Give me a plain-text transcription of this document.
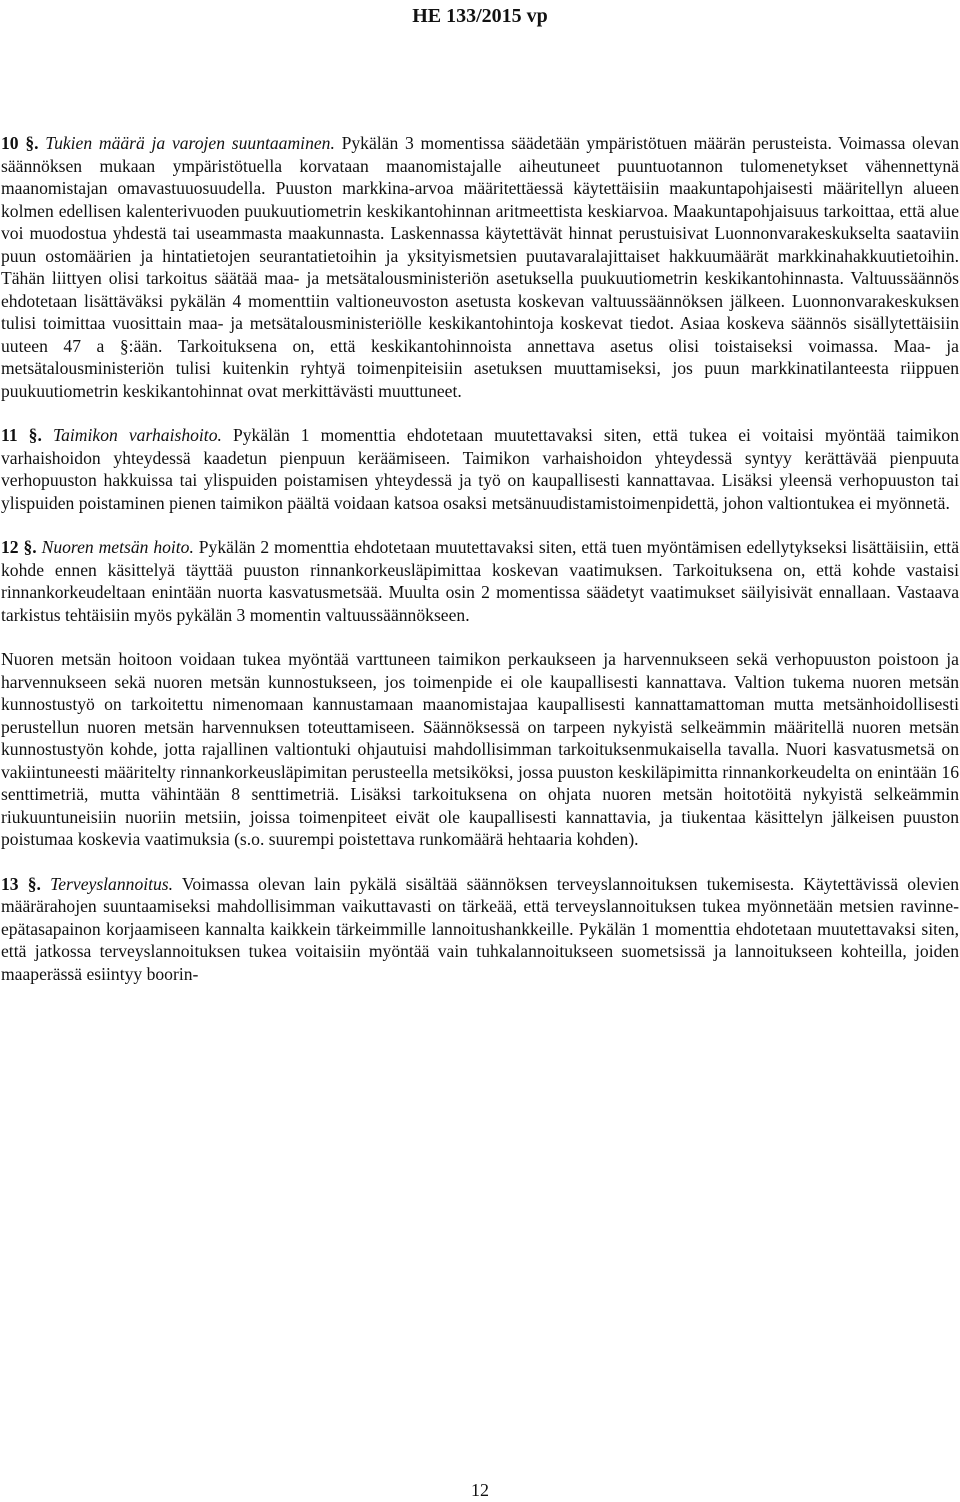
HE 133/2015 vp

10 §. Tukien määrä ja varojen suuntaaminen. Pykälän 3 momentissa säädetään ympäristötuen määrän perusteista. Voimassa olevan säännöksen mukaan ympäristötuella korvataan maanomistajalle aiheutuneet puuntuotannon tulomenetykset vähennettynä maanomistajan omavastuuosuudella. Puuston markkina-arvoa määritettäessä käytettäisiin maakuntapohjaisesti määritellyn alueen kolmen edellisen kalenterivuoden puukuutiometrin keskikantohinnan aritmeettista keskiarvoa. Maakuntapohjaisuus tarkoittaa, että alue voi muodostua yhdestä tai useammasta maakunnasta. Laskennassa käytettävät hinnat perustuisivat Luonnonvarakeskukselta saataviin puun ostomäärien ja hintatietojen seurantatietoihin ja yksityismetsien puutavaralajittaiset hakkuumäärät markkinahakkuutietoihin. Tähän liittyen olisi tarkoitus säätää maa- ja metsätalousministeriön asetuksella puukuutiometrin keskikantohinnasta. Valtuussäännös ehdotetaan lisättäväksi pykälän 4 momenttiin valtioneuvoston asetusta koskevan valtuussäännöksen jälkeen. Luonnonvarakeskuksen tulisi toimittaa vuosittain maa- ja metsätalousministeriölle keskikantohintoja koskevat tiedot. Asiaa koskeva säännös sisällytettäisiin uuteen 47 a §:ään. Tarkoituksena on, että keskikantohinnoista annettava asetus olisi toistaiseksi voimassa. Maa- ja metsätalousministeriön tulisi kuitenkin ryhtyä toimenpiteisiin asetuksen muuttamiseksi, jos puun markkinatilanteesta riippuen puukuutiometrin keskikantohinnat ovat merkittävästi muuttuneet.

11 §. Taimikon varhaishoito. Pykälän 1 momenttia ehdotetaan muutettavaksi siten, että tukea ei voitaisi myöntää taimikon varhaishoidon yhteydessä kaadetun pienpuun keräämiseen. Taimikon varhaishoidon yhteydessä syntyy kerättävää pienpuuta verhopuuston hakkuissa tai ylispuiden poistamisen yhteydessä ja työ on kaupallisesti kannattavaa. Lisäksi yleensä verhopuuston tai ylispuiden poistaminen pienen taimikon päältä voidaan katsoa osaksi metsänuudistamistoimenpidettä, johon valtiontukea ei myönnetä.

12 §. Nuoren metsän hoito. Pykälän 2 momenttia ehdotetaan muutettavaksi siten, että tuen myöntämisen edellytykseksi lisättäisiin, että kohde ennen käsittelyä täyttää puuston rinnankorkeusläpimittaa koskevan vaatimuksen. Tarkoituksena on, että kohde vastaisi rinnankorkeudeltaan enintään nuorta kasvatusmetsää. Muulta osin 2 momentissa säädetyt vaatimukset säilyisivät ennallaan. Vastaava tarkistus tehtäisiin myös pykälän 3 momentin valtuussäännökseen.

Nuoren metsän hoitoon voidaan tukea myöntää varttuneen taimikon perkaukseen ja harvennukseen sekä verhopuuston poistoon ja harvennukseen sekä nuoren metsän kunnostukseen, jos toimenpide ei ole kaupallisesti kannattava. Valtion tukema nuoren metsän kunnostustyö on tarkoitettu nimenomaan kannustamaan maanomistajaa kaupallisesti kannattamattoman mutta metsänhoidollisesti perustellun nuoren metsän harvennuksen toteuttamiseen. Säännöksessä on tarpeen nykyistä selkeämmin määritellä nuoren metsän kunnostustyön kohde, jotta rajallinen valtiontuki ohjautuisi mahdollisimman tarkoituksenmukaisella tavalla. Nuori kasvatusmetsä on vakiintuneesti määritelty rinnankorkeusläpimitan perusteella metsiköksi, jossa puuston keskiläpimitta rinnankorkeudelta on enintään 16 senttimetriä, mutta vähintään 8 senttimetriä. Lisäksi tarkoituksena on ohjata nuoren metsän hoitotöitä nykyistä selkeämmin riukuuntuneisiin nuoriin metsiin, joissa toimenpiteet eivät ole kaupallisesti kannattavia, ja tiukentaa käsittelyn jälkeisen puuston poistumaa koskevia vaatimuksia (s.o. suurempi poistettava runkomäärä hehtaaria kohden).

13 §. Terveyslannoitus. Voimassa olevan lain pykälä sisältää säännöksen terveyslannoituksen tukemisesta. Käytettävissä olevien määrärahojen suuntaamiseksi mahdollisimman vaikuttavasti on tärkeää, että terveyslannoituksen tukea myönnetään metsien ravinne-epätasapainon korjaamiseen kannalta kaikkein tärkeimmille lannoitushankkeille. Pykälän 1 momenttia ehdotetaan muutettavaksi siten, että jatkossa terveyslannoituksen tukea voitaisiin myöntää vain tuhkalannoitukseen suometsissä ja lannoitukseen kohteilla, joiden maaperässä esiintyy boorin-

12
